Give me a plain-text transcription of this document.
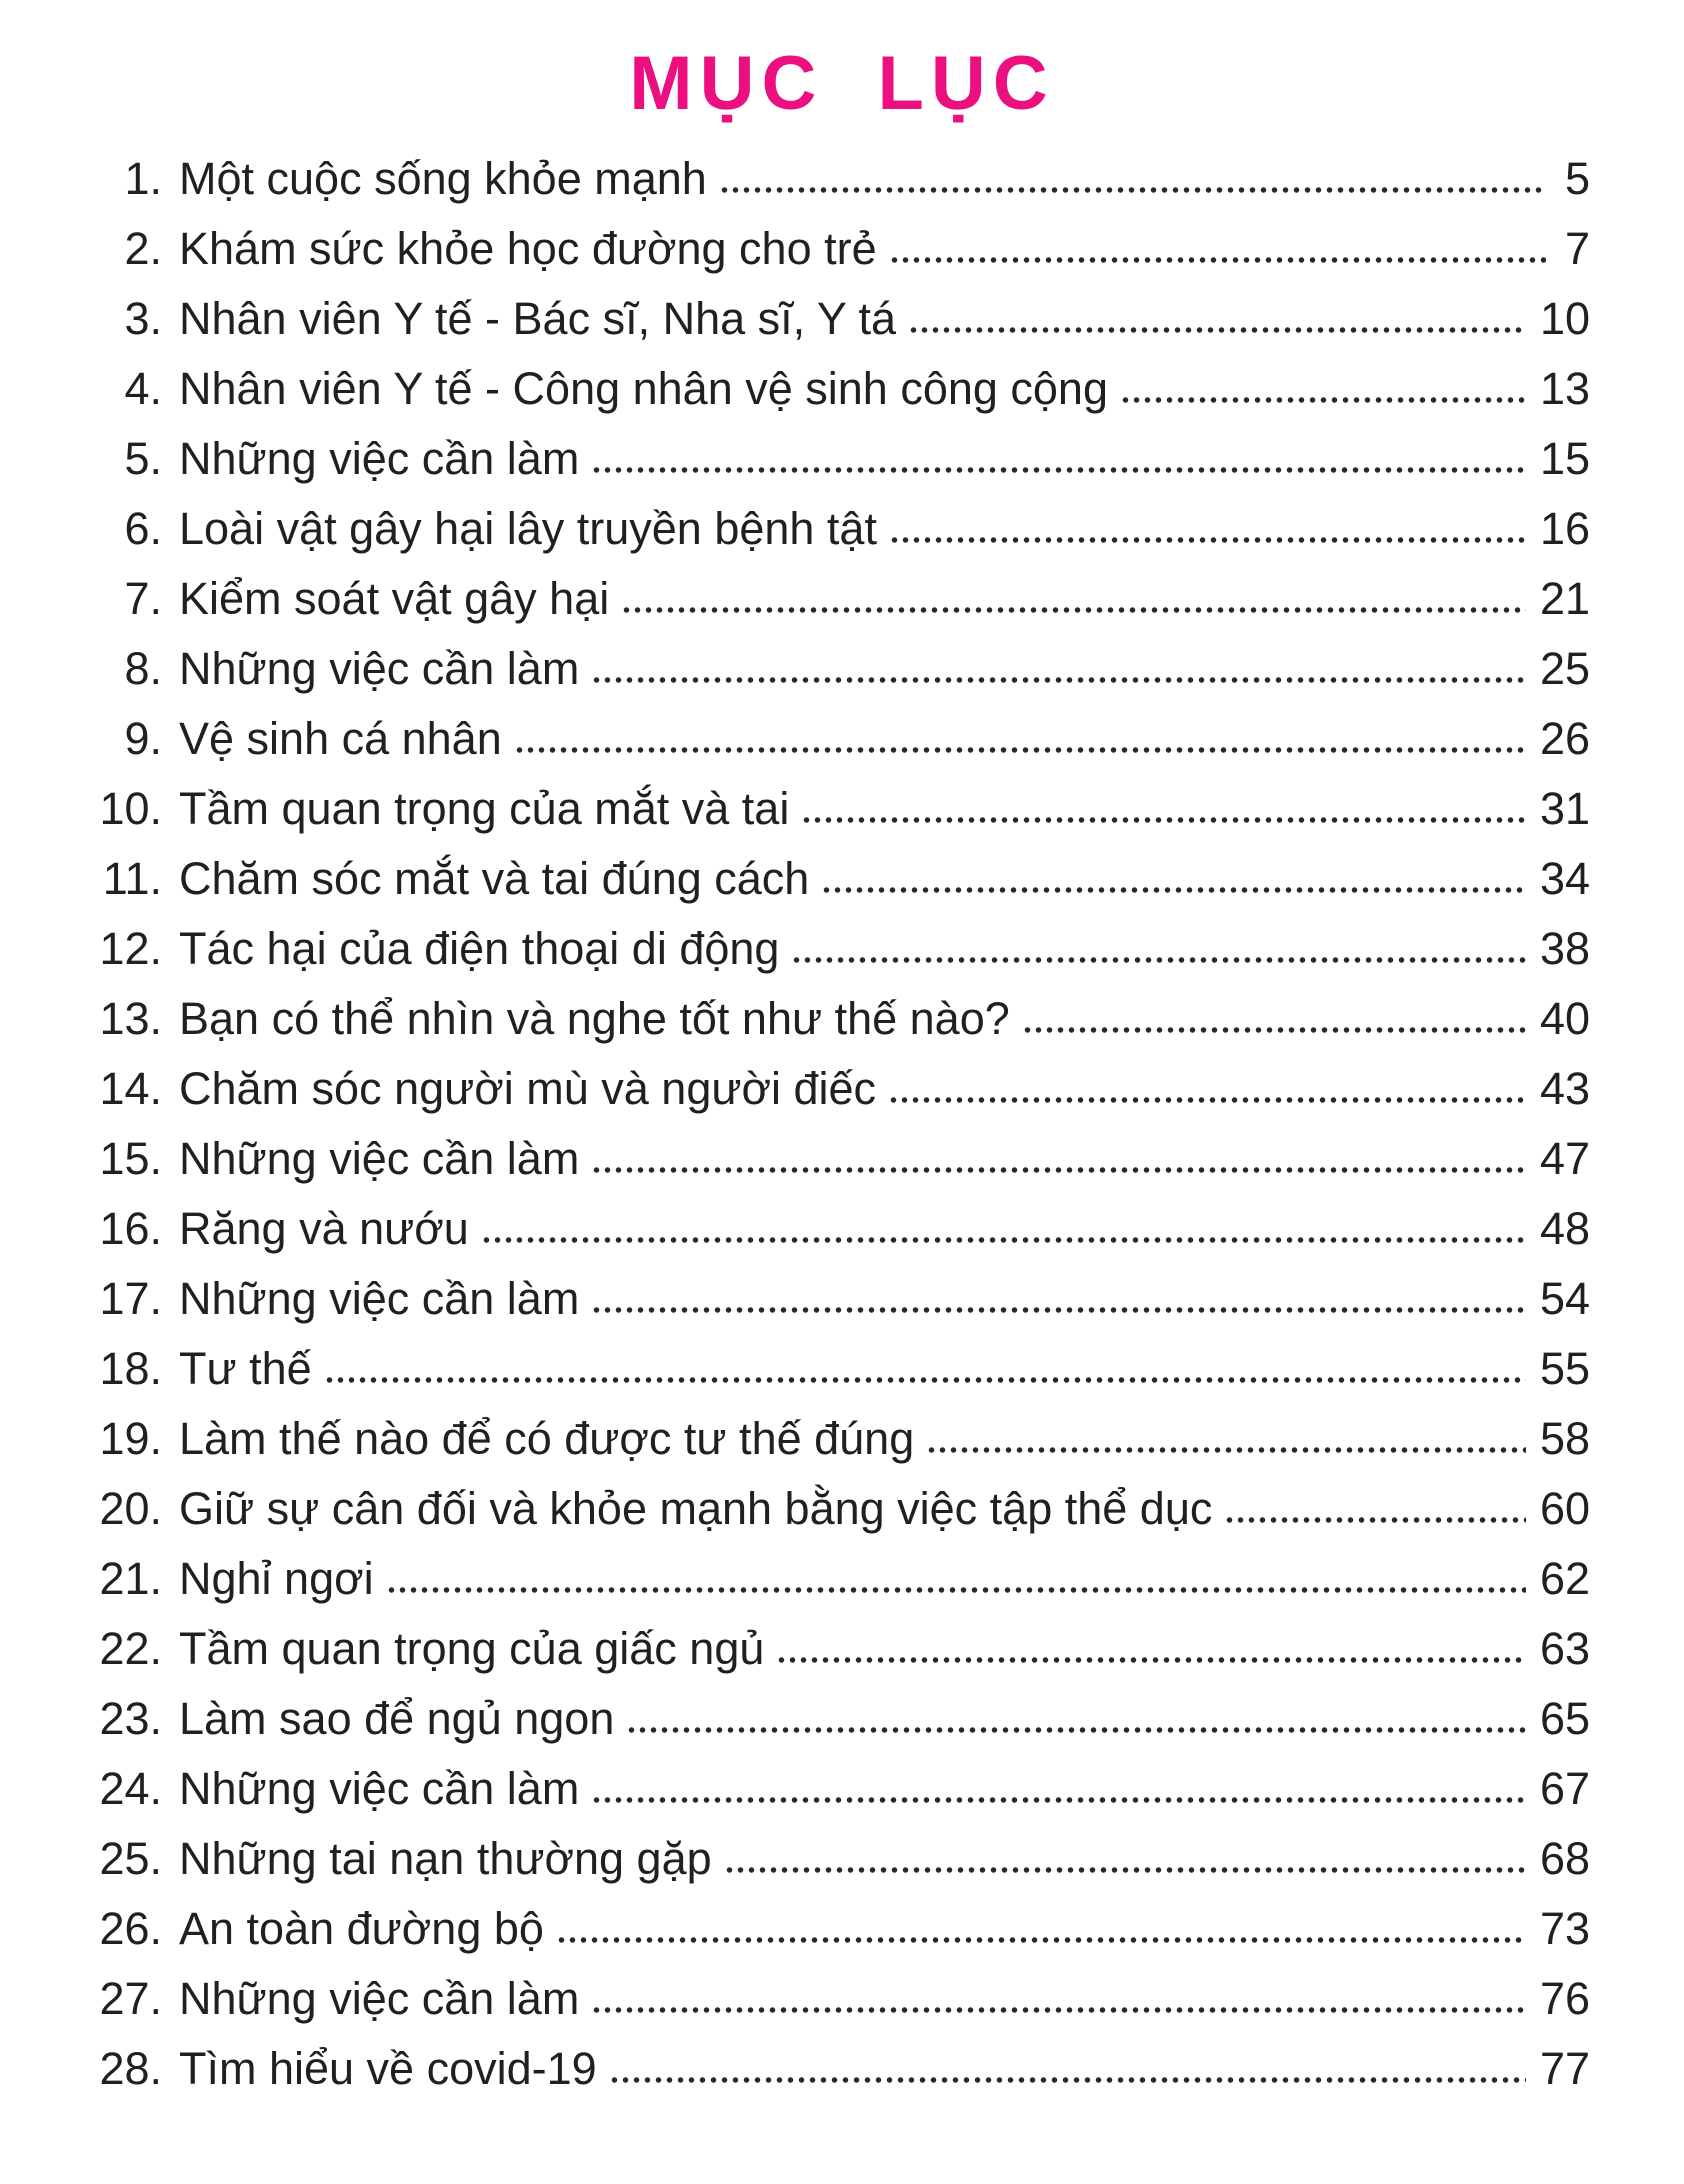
MỤC LỤC
1. Một cuộc sống khỏe mạnh	5
2. Khám sức khỏe học đường cho trẻ	7
3. Nhân viên Y tế - Bác sĩ, Nha sĩ, Y tá	10
4. Nhân viên Y tế - Công nhân vệ sinh công cộng	13
5. Những việc cần làm	15
6. Loài vật gây hại lây truyền bệnh tật	16
7. Kiểm soát vật gây hại	21
8. Những việc cần làm	25
9. Vệ sinh cá nhân	26
10. Tầm quan trọng của mắt và tai	31
11. Chăm sóc mắt và tai đúng cách	34
12. Tác hại của điện thoại di động	38
13. Bạn có thể nhìn và nghe tốt như thế nào?	40
14. Chăm sóc người mù và người điếc	43
15. Những việc cần làm	47
16. Răng và nướu	48
17. Những việc cần làm	54
18. Tư thế	55
19. Làm thế nào để có được tư thế đúng	58
20. Giữ sự cân đối và khỏe mạnh bằng việc tập thể dục	60
21. Nghỉ ngơi	62
22. Tầm quan trọng của giấc ngủ	63
23. Làm sao để ngủ ngon	65
24. Những việc cần làm	67
25. Những tai nạn thường gặp	68
26. An toàn đường bộ	73
27. Những việc cần làm	76
28. Tìm hiểu về covid-19	77
